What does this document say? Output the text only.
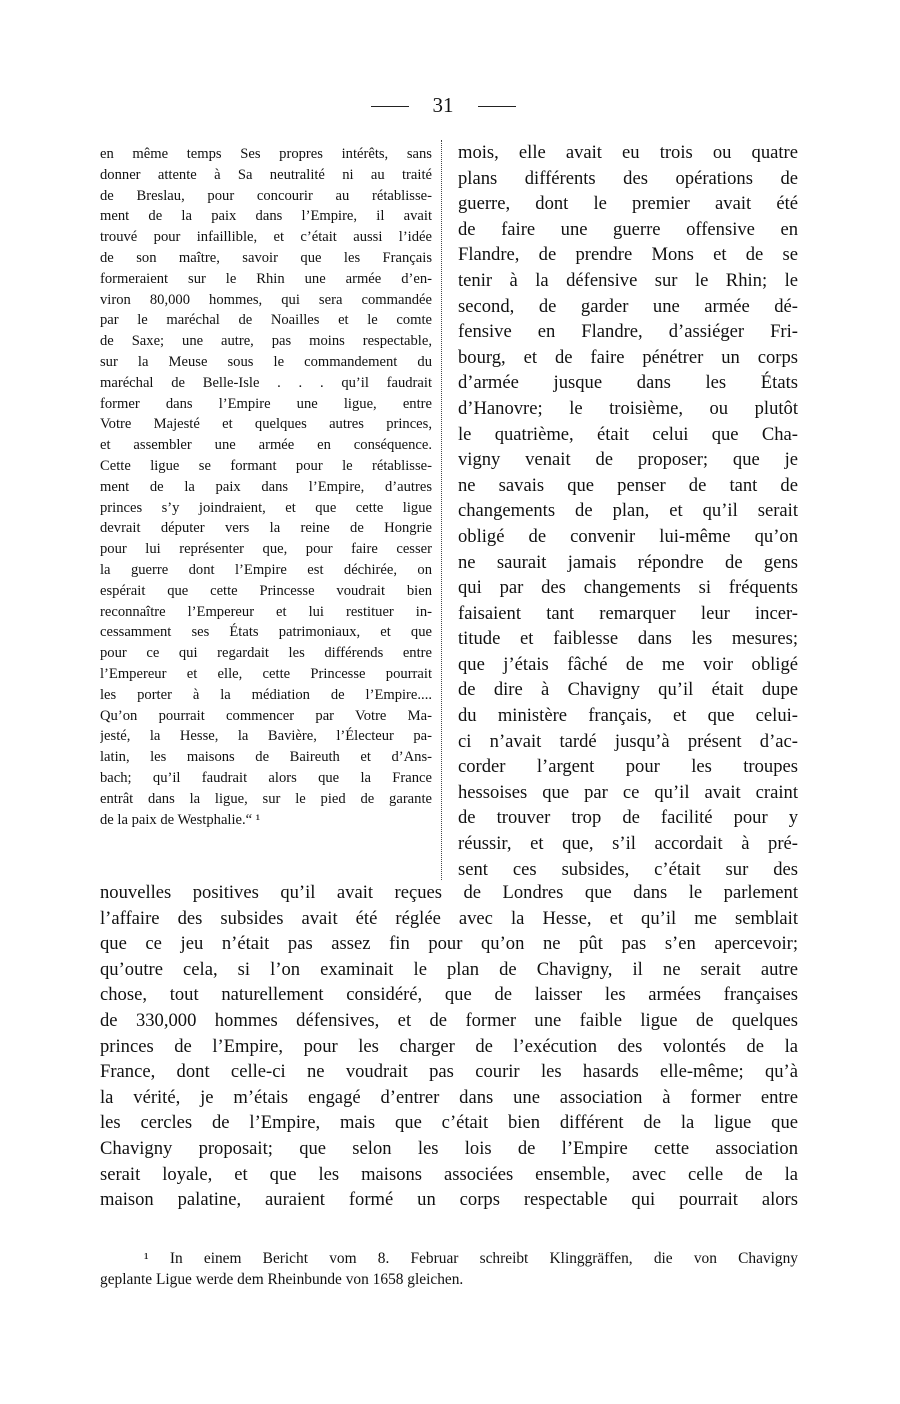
31
en même temps Ses propres intérêts, sans
donner attente à Sa neutralité ni au traité
de Breslau, pour concourir au rétablisse-
ment de la paix dans l’Empire, il avait
trouvé pour infaillible, et c’était aussi l’idée
de son maître, savoir que les Français
formeraient sur le Rhin une armée d’en-
viron 80,000 hommes, qui sera commandée
par le maréchal de Noailles et le comte
de Saxe; une autre, pas moins respectable,
sur la Meuse sous le commandement du
maréchal de Belle-Isle . . . qu’il faudrait
former dans l’Empire une ligue, entre
Votre Majesté et quelques autres princes,
et assembler une armée en conséquence.
Cette ligue se formant pour le rétablisse-
ment de la paix dans l’Empire, d’autres
princes s’y joindraient, et que cette ligue
devrait députer vers la reine de Hongrie
pour lui représenter que, pour faire cesser
la guerre dont l’Empire est déchirée, on
espérait que cette Princesse voudrait bien
reconnaître l’Empereur et lui restituer in-
cessamment ses États patrimoniaux, et que
pour ce qui regardait les différends entre
l’Empereur et elle, cette Princesse pourrait
les porter à la médiation de l’Empire....
Qu’on pourrait commencer par Votre Ma-
jesté, la Hesse, la Bavière, l’Électeur pa-
latin, les maisons de Baireuth et d’Ans-
bach; qu’il faudrait alors que la France
entrât dans la ligue, sur le pied de garante
de la paix de Westphalie.“ ¹
mois, elle avait eu trois ou quatre
plans différents des opérations de
guerre, dont le premier avait été
de faire une guerre offensive en
Flandre, de prendre Mons et de se
tenir à la défensive sur le Rhin; le
second, de garder une armée dé-
fensive en Flandre, d’assiéger Fri-
bourg, et de faire pénétrer un corps
d’armée jusque dans les États
d’Hanovre; le troisième, ou plutôt
le quatrième, était celui que Cha-
vigny venait de proposer; que je
ne savais que penser de tant de
changements de plan, et qu’il serait
obligé de convenir lui-même qu’on
ne saurait jamais répondre de gens
qui par des changements si fréquents
faisaient tant remarquer leur incer-
titude et faiblesse dans les mesures;
que j’étais fâché de me voir obligé
de dire à Chavigny qu’il était dupe
du ministère français, et que celui-
ci n’avait tardé jusqu’à présent d’ac-
corder l’argent pour les troupes
hessoises que par ce qu’il avait craint
de trouver trop de facilité pour y
réussir, et que, s’il accordait à pré-
sent ces subsides, c’était sur des
nouvelles positives qu’il avait reçues de Londres que dans le parlement
l’affaire des subsides avait été réglée avec la Hesse, et qu’il me semblait
que ce jeu n’était pas assez fin pour qu’on ne pût pas s’en apercevoir;
qu’outre cela, si l’on examinait le plan de Chavigny, il ne serait autre
chose, tout naturellement considéré, que de laisser les armées françaises
de 330,000 hommes défensives, et de former une faible ligue de quelques
princes de l’Empire, pour les charger de l’exécution des volontés de la
France, dont celle-ci ne voudrait pas courir les hasards elle-même; qu’à
la vérité, je m’étais engagé d’entrer dans une association à former entre
les cercles de l’Empire, mais que c’était bien différent de la ligue que
Chavigny proposait; que selon les lois de l’Empire cette association
serait loyale, et que les maisons associées ensemble, avec celle de la
maison palatine, auraient formé un corps respectable qui pourrait alors
¹ In einem Bericht vom 8. Februar schreibt Klinggräffen, die von Chavigny
geplante Ligue werde dem Rheinbunde von 1658 gleichen.
